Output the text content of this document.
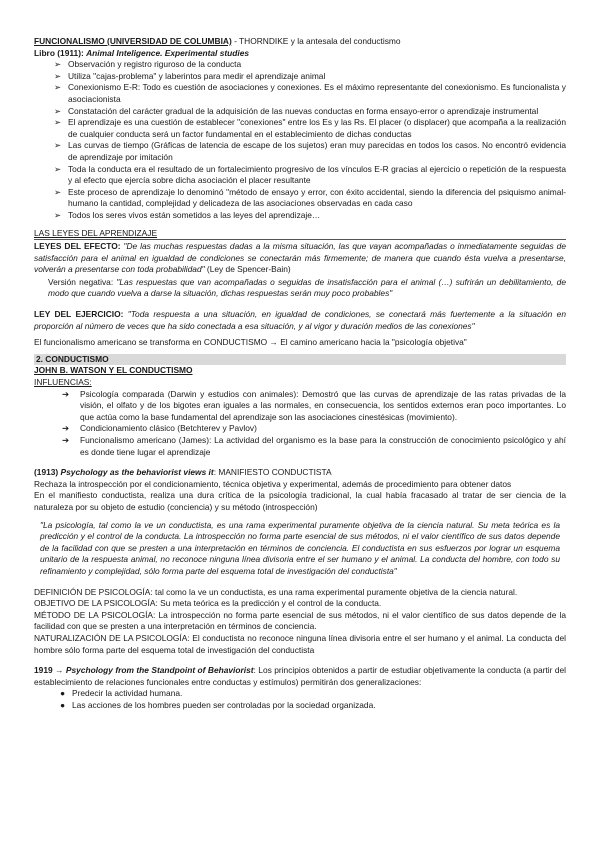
FUNCIONALISMO (UNIVERSIDAD DE COLUMBIA) - THORNDIKE y la antesala del conductismo

Libro (1911): Animal Inteligence. Experimental studies

➢ Observación y registro riguroso de la conducta
➢ Utiliza "cajas-problema" y laberintos para medir el aprendizaje animal
➢ Conexionismo E-R: Todo es cuestión de asociaciones y conexiones. Es el máximo representante del conexionismo. Es funcionalista y asociacionista
➢ Constatación del carácter gradual de la adquisición de las nuevas conductas en forma ensayo-error o aprendizaje instrumental
➢ El aprendizaje es una cuestión de establecer "conexiones" entre los Es y las Rs. El placer (o displacer) que acompaña a la realización de cualquier conducta será un factor fundamental en el establecimiento de dichas conductas
➢ Las curvas de tiempo (Gráficas de latencia de escape de los sujetos) eran muy parecidas en todos los casos. No encontró evidencia de aprendizaje por imitación
➢ Toda la conducta era el resultado de un fortalecimiento progresivo de los vínculos E-R gracias al ejercicio o repetición de la respuesta y al efecto que ejercía sobre dicha asociación el placer resultante
➢ Este proceso de aprendizaje lo denominó "método de ensayo y error, con éxito accidental, siendo la diferencia del psiquismo animal-humano la cantidad, complejidad y delicadeza de las asociaciones observadas en cada caso
➢ Todos los seres vivos están sometidos a las leyes del aprendizaje…

LAS LEYES DEL APRENDIZAJE

LEYES DEL EFECTO: "De las muchas respuestas dadas a la misma situación, las que vayan acompañadas o inmediatamente seguidas de satisfacción para el animal en igualdad de condiciones se conectarán más firmemente; de manera que cuando ésta vuelva a presentarse, volverán a presentarse con toda probabilidad" (Ley de Spencer-Bain)

Versión negativa: "Las respuestas que van acompañadas o seguidas de insatisfacción para el animal (…) sufrirán un debilitamiento, de modo que cuando vuelva a darse la situación, dichas respuestas serán muy poco probables"

LEY DEL EJERCICIO: "Toda respuesta a una situación, en igualdad de condiciones, se conectará más fuertemente a la situación en proporción al número de veces que ha sido conectada a esa situación, y al vigor y duración medios de las conexiones"

El funcionalismo americano se transforma en CONDUCTISMO → El camino americano hacia la "psicología objetiva"

2. CONDUCTISMO

JOHN B. WATSON Y EL CONDUCTISMO

INFLUENCIAS:

➔ Psicología comparada (Darwin y estudios con animales): Demostró que las curvas de aprendizaje de las ratas privadas de la visión, el olfato y de los bigotes eran iguales a las normales, en consecuencia, los sentidos externos eran poco importantes. Lo que actúa como la base fundamental del aprendizaje son las asociaciones cinestésicas (movimiento).
➔ Condicionamiento clásico (Betchterev y Pavlov)
➔ Funcionalismo americano (James): La actividad del organismo es la base para la construcción de conocimiento psicológico y ahí es donde tiene lugar el aprendizaje

(1913) Psychology as the behaviorist views it: MANIFIESTO CONDUCTISTA

Rechaza la introspección por el condicionamiento, técnica objetiva y experimental, además de procedimiento para obtener datos

En el manifiesto conductista, realiza una dura crítica de la psicología tradicional, la cual había fracasado al tratar de ser ciencia de la naturaleza por su objeto de estudio (conciencia) y su método (introspección)

"La psicología, tal como la ve un conductista, es una rama experimental puramente objetiva de la ciencia natural. Su meta teórica es la predicción y el control de la conducta. La introspección no forma parte esencial de sus métodos, ni el valor científico de sus datos depende de la facilidad con que se presten a una interpretación en términos de conciencia. El conductista en sus esfuerzos por lograr un esquema unitario de la respuesta animal, no reconoce ninguna línea divisoria entre el ser humano y el animal. La conducta del hombre, con todo su refinamiento y complejidad, sólo forma parte del esquema total de investigación del conductista"

DEFINICIÓN DE PSICOLOGÍA: tal como la ve un conductista, es una rama experimental puramente objetiva de la ciencia natural.

OBJETIVO DE LA PSICOLOGÍA: Su meta teórica es la predicción y el control de la conducta.

MÉTODO DE LA PSICOLOGÍA: La introspección no forma parte esencial de sus métodos, ni el valor científico de sus datos depende de la facilidad con que se presten a una interpretación en términos de conciencia.

NATURALIZACIÓN DE LA PSICOLOGÍA: El conductista no reconoce ninguna línea divisoria entre el ser humano y el animal. La conducta del hombre sólo forma parte del esquema total de investigación del conductista

1919 → Psychology from the Standpoint of Behaviorist: Los principios obtenidos a partir de estudiar objetivamente la conducta (a partir del establecimiento de relaciones funcionales entre conductas y estímulos) permitirán dos generalizaciones:

● Predecir la actividad humana.
● Las acciones de los hombres pueden ser controladas por la sociedad organizada.
